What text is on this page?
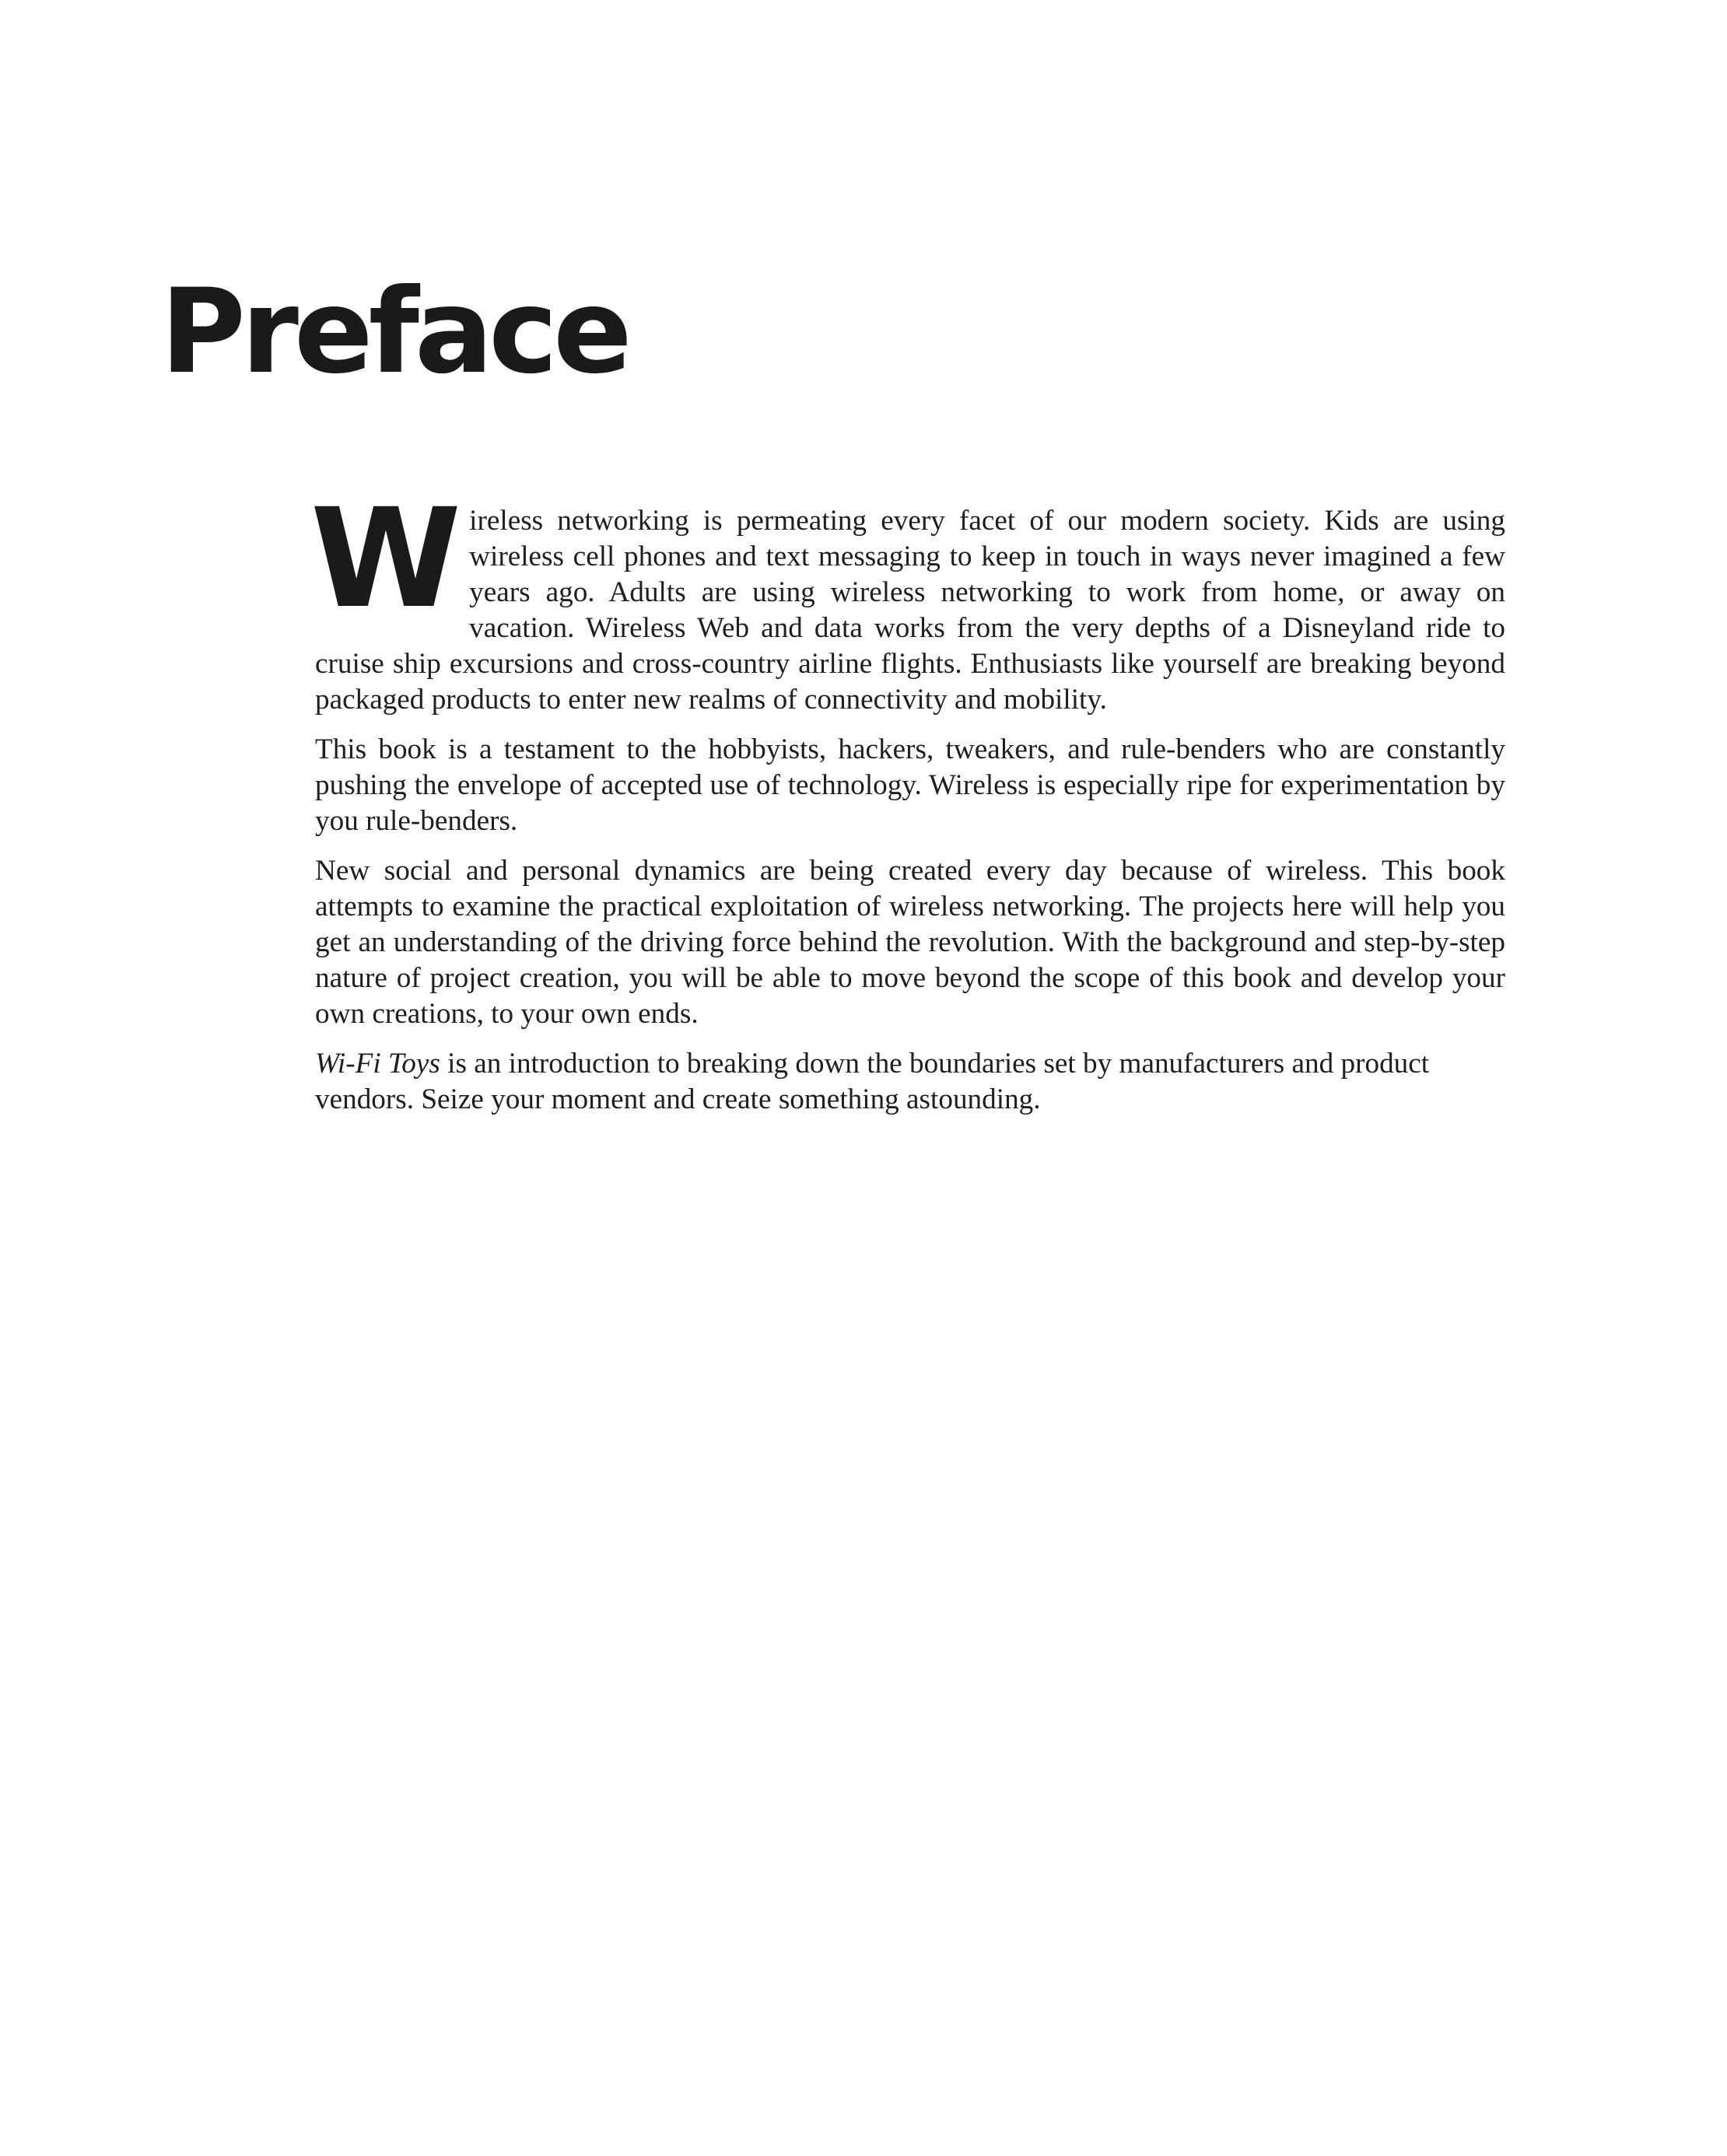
Preface

Wireless networking is permeating every facet of our modern society. Kids are using wireless cell phones and text messaging to keep in touch in ways never imagined a few years ago. Adults are using wireless networking to work from home, or away on vacation. Wireless Web and data works from the very depths of a Disneyland ride to cruise ship excursions and cross-country airline flights. Enthusiasts like yourself are breaking beyond packaged products to enter new realms of connectivity and mobility.

This book is a testament to the hobbyists, hackers, tweakers, and rule-benders who are constantly pushing the envelope of accepted use of technology. Wireless is especially ripe for experimentation by you rule-benders.

New social and personal dynamics are being created every day because of wireless. This book attempts to examine the practical exploitation of wireless networking. The projects here will help you get an understanding of the driving force behind the revolution. With the background and step-by-step nature of project creation, you will be able to move beyond the scope of this book and develop your own creations, to your own ends.

Wi-Fi Toys is an introduction to breaking down the boundaries set by manufacturers and product vendors. Seize your moment and create something astounding.
